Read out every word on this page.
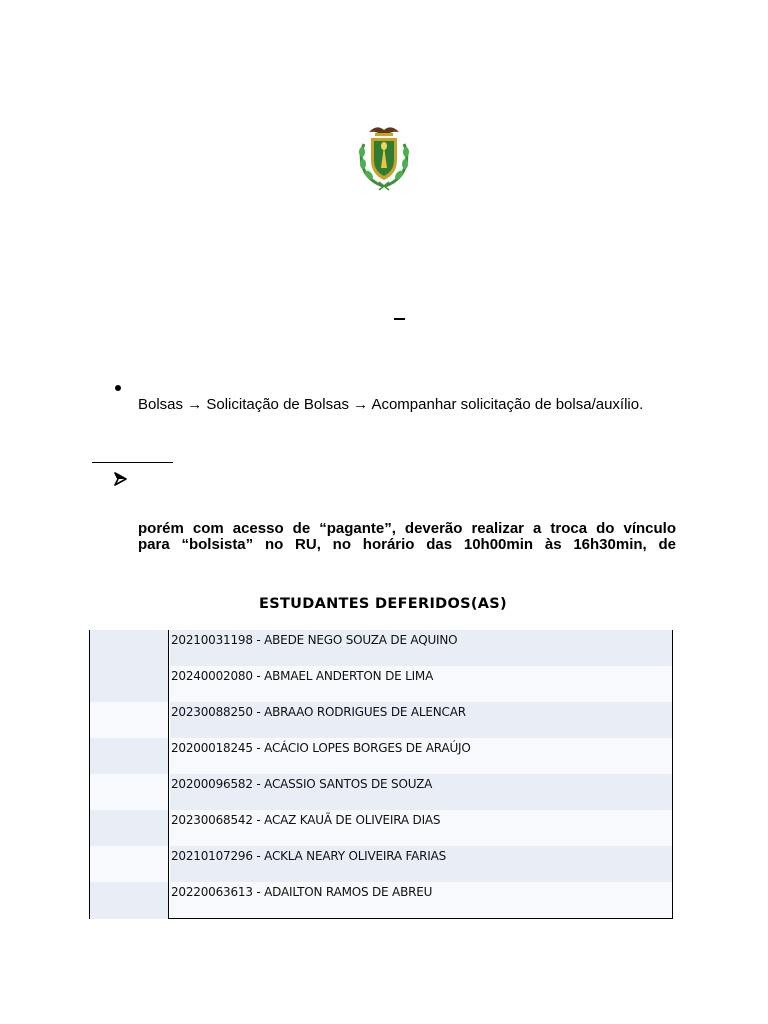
Bolsas → Solicitação de Bolsas → Acompanhar solicitação de bolsa/auxílio.
porém com acesso de “pagante”, deverão realizar a troca do vínculo
para “bolsista” no RU, no horário das 10h00min às 16h30min, de
ESTUDANTES DEFERIDOS(AS)
20210031198 - ABEDE NEGO SOUZA DE AQUINO
20240002080 - ABMAEL ANDERTON DE LIMA
20230088250 - ABRAAO RODRIGUES DE ALENCAR
20200018245 - ACÁCIO LOPES BORGES DE ARAÚJO
20200096582 - ACASSIO SANTOS DE SOUZA
20230068542 - ACAZ KAUÃ DE OLIVEIRA DIAS
20210107296 - ACKLA NEARY OLIVEIRA FARIAS
20220063613 - ADAILTON RAMOS DE ABREU
